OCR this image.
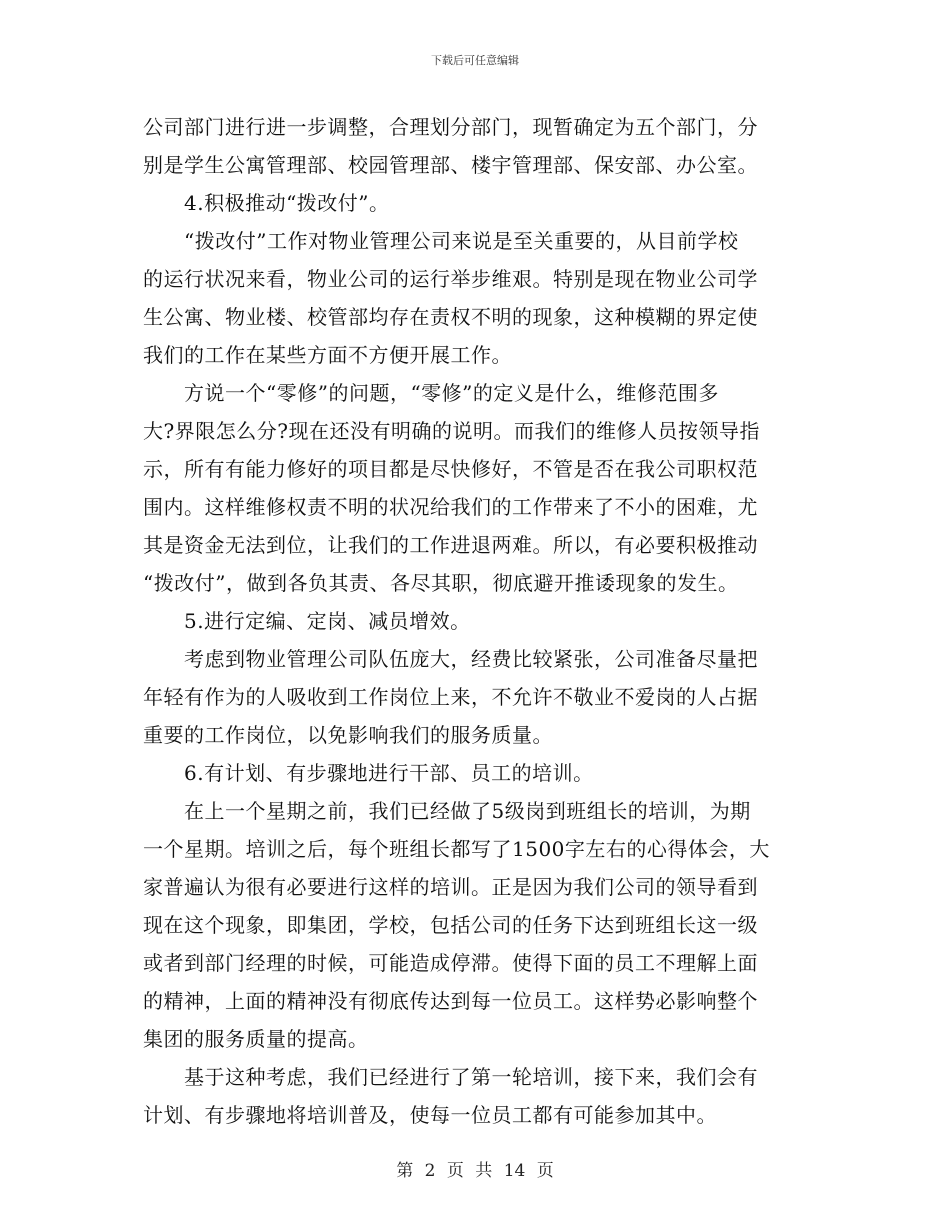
下载后可任意编辑
公司部门进行进一步调整，合理划分部门，现暂确定为五个部门，分
别是学生公寓管理部、校园管理部、楼宇管理部、保安部、办公室。
　　4.积极推动“拨改付”。
　　“拨改付”工作对物业管理公司来说是至关重要的，从目前学校
的运行状况来看，物业公司的运行举步维艰。特别是现在物业公司学
生公寓、物业楼、校管部均存在责权不明的现象，这种模糊的界定使
我们的工作在某些方面不方便开展工作。
　　方说一个“零修”的问题，“零修”的定义是什么，维修范围多
大?界限怎么分?现在还没有明确的说明。而我们的维修人员按领导指
示，所有有能力修好的项目都是尽快修好，不管是否在我公司职权范
围内。这样维修权责不明的状况给我们的工作带来了不小的困难，尤
其是资金无法到位，让我们的工作进退两难。所以，有必要积极推动
“拨改付”，做到各负其责、各尽其职，彻底避开推诿现象的发生。
　　5.进行定编、定岗、减员增效。
　　考虑到物业管理公司队伍庞大，经费比较紧张，公司准备尽量把
年轻有作为的人吸收到工作岗位上来，不允许不敬业不爱岗的人占据
重要的工作岗位，以免影响我们的服务质量。
　　6.有计划、有步骤地进行干部、员工的培训。
　　在上一个星期之前，我们已经做了5级岗到班组长的培训，为期
一个星期。培训之后，每个班组长都写了1500字左右的心得体会，大
家普遍认为很有必要进行这样的培训。正是因为我们公司的领导看到
现在这个现象，即集团，学校，包括公司的任务下达到班组长这一级
或者到部门经理的时候，可能造成停滞。使得下面的员工不理解上面
的精神，上面的精神没有彻底传达到每一位员工。这样势必影响整个
集团的服务质量的提高。
　　基于这种考虑，我们已经进行了第一轮培训，接下来，我们会有
计划、有步骤地将培训普及，使每一位员工都有可能参加其中。
第 2 页 共 14 页
